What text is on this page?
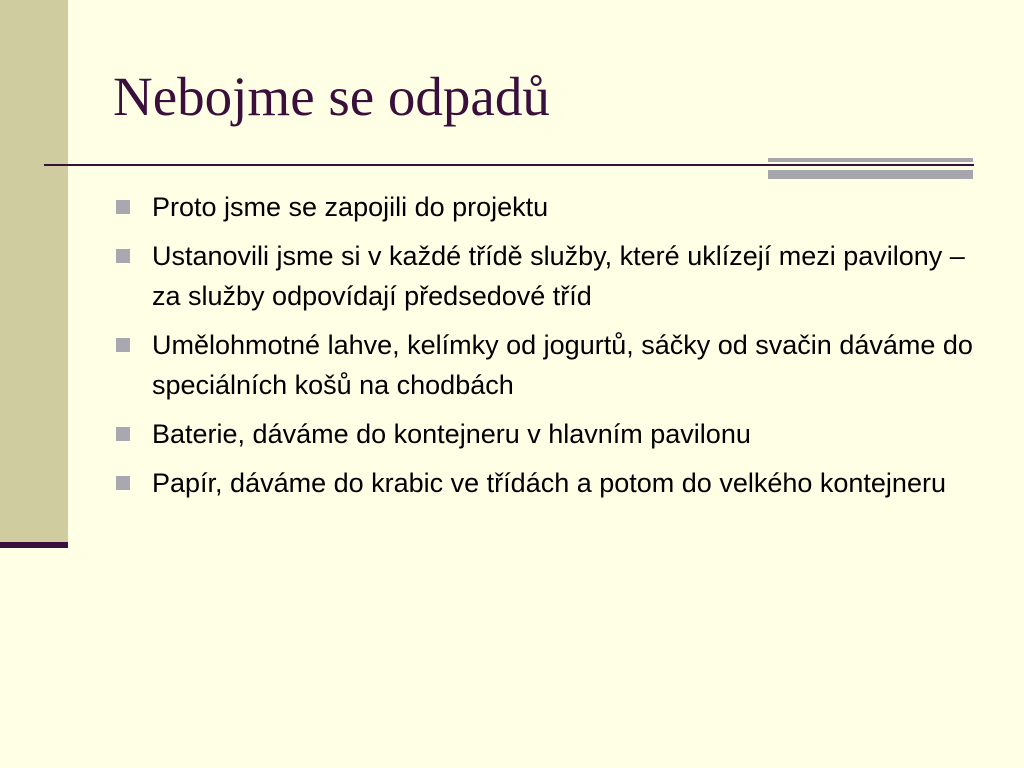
Nebojme se odpadů
Proto jsme se zapojili do projektu
Ustanovili jsme si v každé třídě služby, které uklízejí mezi pavilony – za služby odpovídají předsedové tříd
Umělohmotné lahve, kelímky od jogurtů, sáčky od svačin dáváme do speciálních košů na chodbách
Baterie, dáváme do kontejneru v hlavním pavilonu
Papír, dáváme do krabic ve třídách a potom do velkého kontejneru
